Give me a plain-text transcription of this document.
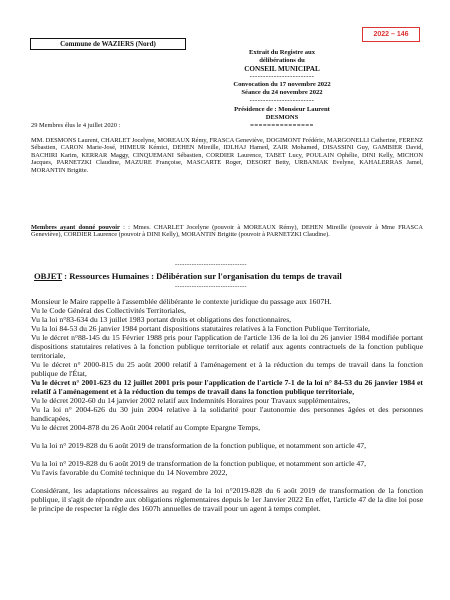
2022 – 146
Commune de WAZIERS (Nord)
Extrait du Registre aux délibérations du
CONSEIL MUNICIPAL
------------------------
Convocation du 17 novembre 2022
Séance du 24 novembre 2022
------------------------
Présidence de : Monsieur Laurent DESMONS
===============
29 Membres élus le 4 juillet 2020 :
MM. DESMONS Laurent, CHARLET Jocelyne, MOREAUX Rémy, FRASCA Geneviève, DOGIMONT Frédéric, MARGONELLI Catherine, FERENZ Sébastien, CARON Marie-José, HIMEUR Kémici, DEHEN Mireille, IDLHAJ Hamed, ZAIR Mohamed, DISASSINI Guy, GAMBIER David, BACHIRI Karim, KERRAR Maggy, CINQUEMANI Sébastien, CORDIER Laurence, TABET Lucy, POULAIN Ophélie, DINI Kelly, MICHON Jacques, PARNETZKI Claudine, MAZURE Françoise, MASCARTE Roger, DESORT Betty, URBANIAK Evelyne, KAHALERRAS Jamel, MORANTIN Brigitte.
Membres ayant donné pouvoir : : Mmes. CHARLET Jocelyne (pouvoir à MOREAUX Rémy), DEHEN Mireille (pouvoir à Mme FRASCA Geneviève), CORDIER Laurence (pouvoir à DINI Kelly), MORANTIN Brigitte (pouvoir à PARNETZKI Claudine).
------------------------------
OBJET : Ressources Humaines : Délibération sur l'organisation du temps de travail
------------------------------

Monsieur le Maire rappelle à l'assemblée délibérante le contexte juridique du passage aux 1607H.

Vu le Code Général des Collectivités Territoriales,

Vu la loi n°83-634 du 13 juillet 1983 portant droits et obligations des fonctionnaires,

Vu la loi 84-53 du 26 janvier 1984 portant dispositions statutaires relatives à la Fonction Publique Territoriale,

Vu le décret n°88-145 du 15 Février 1988 pris pour l'application de l'article 136 de la loi du 26 janvier 1984 modifiée portant dispositions statutaires relatives à la fonction publique territoriale et relatif aux agents contractuels de la fonction publique territoriale,

Vu le décret n° 2000-815 du 25 août 2000 relatif à l'aménagement et à la réduction du temps de travail dans la fonction publique de l'État,

Vu le décret n° 2001-623 du 12 juillet 2001 pris pour l'application de l'article 7-1 de la loi n° 84-53 du 26 janvier 1984 et relatif à l'aménagement et à la réduction du temps de travail dans la fonction publique territoriale,

Vu le décret 2002-60 du 14 janvier 2002 relatif aux Indemnités Horaires pour Travaux supplémentaires,

Vu la loi n° 2004-626 du 30 juin 2004 relative à la solidarité pour l'autonomie des personnes âgées et des personnes handicapées,

Vu le décret 2004-878 du 26 Août 2004 relatif au Compte Epargne Temps,

Vu la loi n° 2019-828 du 6 août 2019 de transformation de la fonction publique, et notamment son article 47,

Vu la loi n° 2019-828 du 6 août 2019 de transformation de la fonction publique, et notamment son article 47,

Vu l'avis favorable du Comité technique du 14 Novembre 2022,

Considérant, les adaptations nécessaires au regard de la loi n°2019-828 du 6 août 2019 de transformation de la fonction publique, il s'agit de répondre aux obligations réglementaires depuis le 1er Janvier 2022 En effet, l'article 47 de la dite loi pose le principe de respecter la règle des 1607h annuelles de travail pour un agent à temps complet.
